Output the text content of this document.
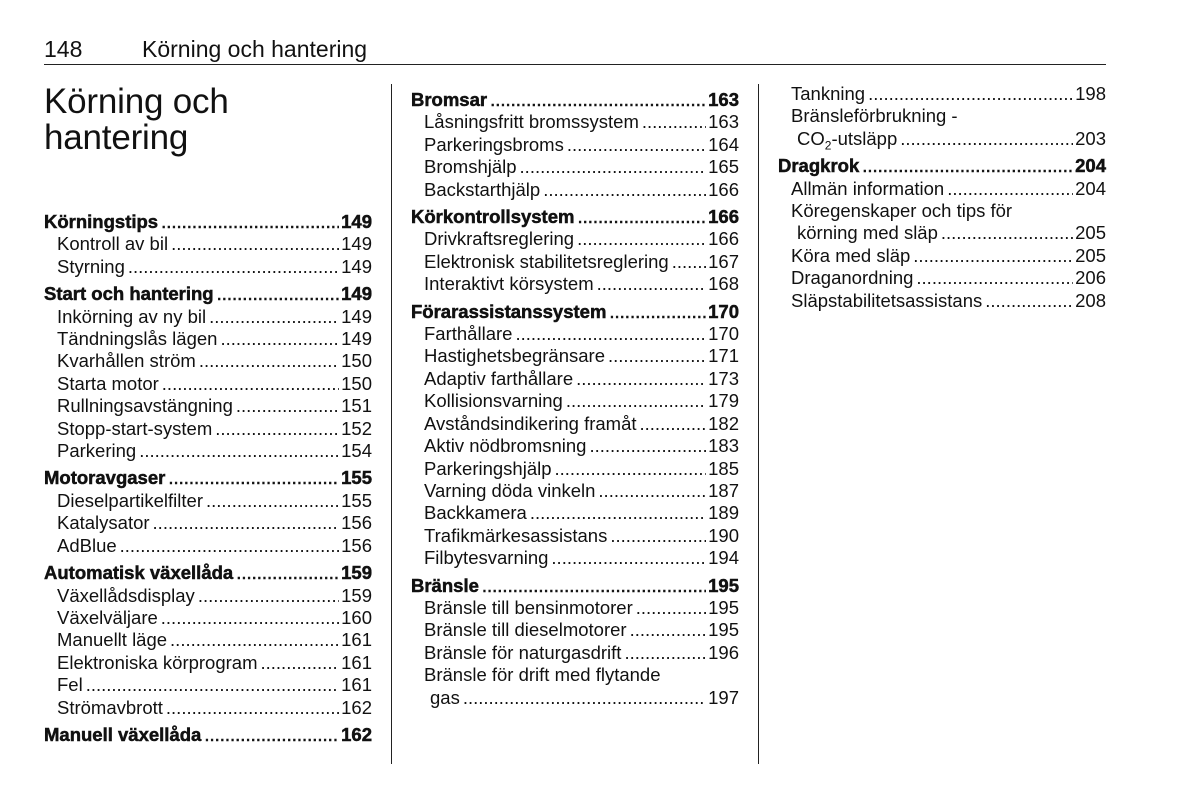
148	Körning och hantering
Körning och
hantering
Körningstips .....	149
Kontroll av bil .....	149
Styrning .....	149
Start och hantering .....	149
Inkörning av ny bil .....	149
Tändningslås lägen .....	149
Kvarhållen ström .....	150
Starta motor .....	150
Rullningsavstängning .....	151
Stopp-start-system .....	152
Parkering .....	154
Motoravgaser .....	155
Dieselpartikelfilter .....	155
Katalysator .....	156
AdBlue .....	156
Automatisk växellåda .....	159
Växellådsdisplay .....	159
Växelväljare .....	160
Manuellt läge .....	161
Elektroniska körprogram .....	161
Fel .....	161
Strömavbrott .....	162
Manuell växellåda .....	162
Bromsar .....	163
Låsningsfritt bromssystem .....	163
Parkeringsbroms .....	164
Bromshjälp .....	165
Backstarthjälp .....	166
Körkontrollsystem .....	166
Drivkraftsreglering .....	166
Elektronisk stabilitetsreglering ..... 167
Interaktivt körsystem .....	168
Förarassistanssystem .....	170
Farthållare .....	170
Hastighetsbegränsare .....	171
Adaptiv farthållare .....	173
Kollisionsvarning .....	179
Avståndsindikering framåt .....	182
Aktiv nödbromsning .....	183
Parkeringshjälp .....	185
Varning döda vinkeln .....	187
Backkamera .....	189
Trafikmärkesassistans .....	190
Filbytesvarning .....	194
Bränsle .....	195
Bränsle till bensinmotorer .....	195
Bränsle till dieselmotorer .....	195
Bränsle för naturgasdrift .....	196
Bränsle för drift med flytande
gas .....	197
Tankning .....	198
Bränsleförbrukning -
$CO_2$-utsläpp .....	203
Dragkrok .....	204
Allmän information .....	204
Köregenskaper och tips för
körning med släp .....	205
Köra med släp .....	205
Draganordning .....	206
Släpstabilitetsassistans .....	208
